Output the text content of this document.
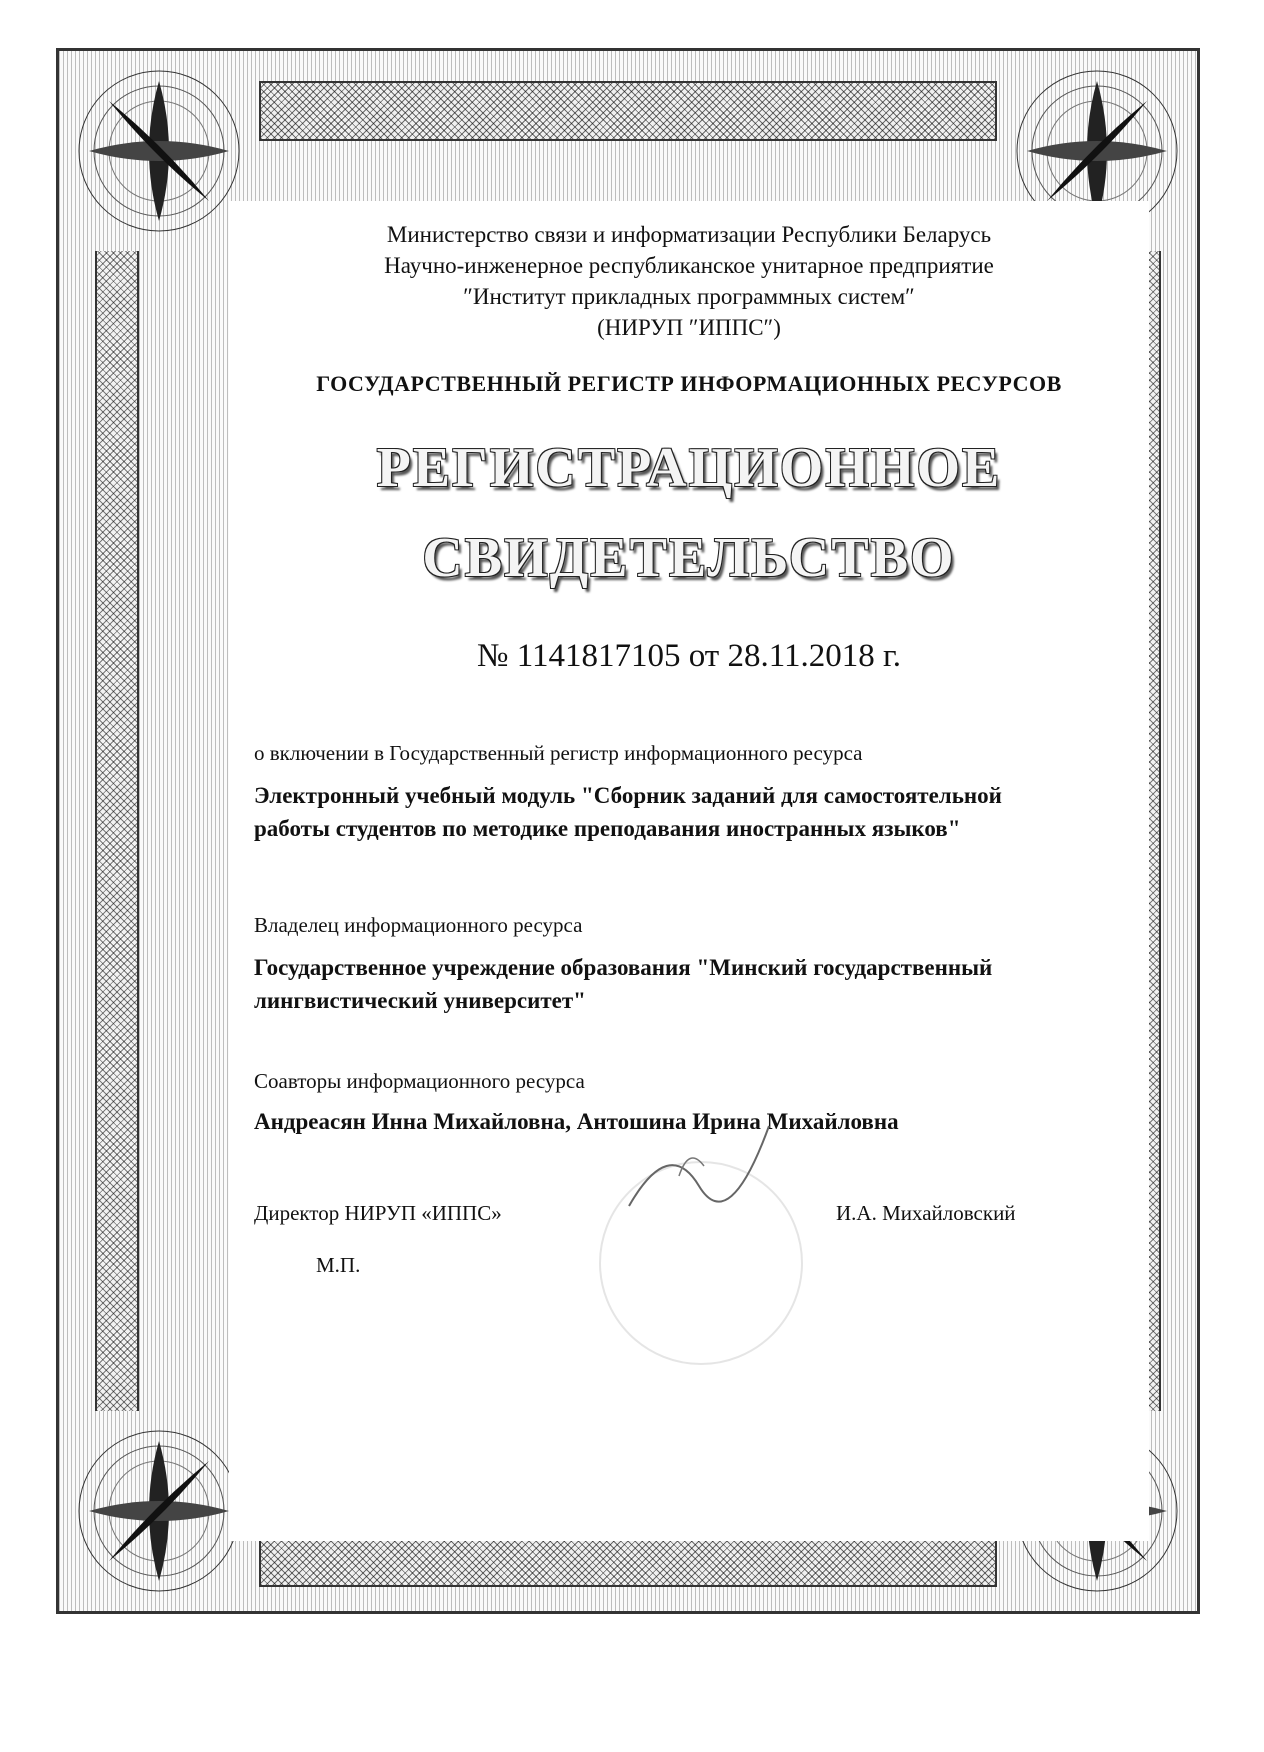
Министерство связи и информатизации Республики Беларусь
Научно-инженерное республиканское унитарное предприятие
″Институт прикладных программных систем″
(НИРУП ″ИППС″)
ГОСУДАРСТВЕННЫЙ РЕГИСТР ИНФОРМАЦИОННЫХ РЕСУРСОВ
РЕГИСТРАЦИОННОЕ
СВИДЕТЕЛЬСТВО
№ 1141817105 от 28.11.2018 г.
о включении в Государственный регистр информационного ресурса
Электронный учебный модуль "Сборник заданий для самостоятельной работы студентов по методике преподавания иностранных языков"
Владелец информационного ресурса
Государственное учреждение образования "Минский государственный лингвистический университет"
Соавторы информационного ресурса
Андреасян Инна Михайловна, Антошина Ирина Михайловна
Директор НИРУП «ИППС»	И.А. Михайловский
М.П.
